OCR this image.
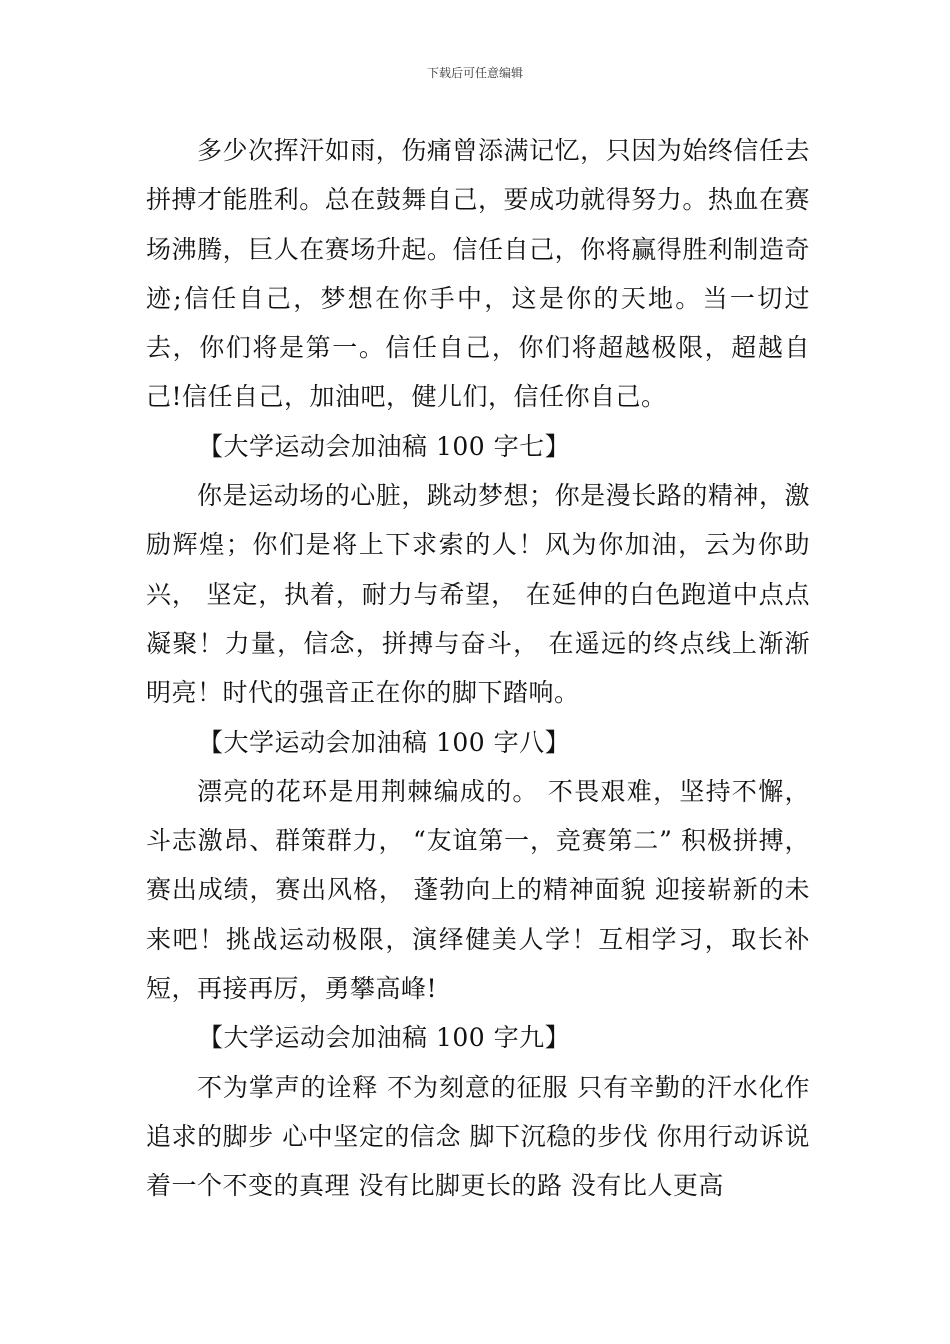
下载后可任意编辑

多少次挥汗如雨，伤痛曾添满记忆，只因为始终信任去拼搏才能胜利。总在鼓舞自己，要成功就得努力。热血在赛场沸腾，巨人在赛场升起。信任自己，你将赢得胜利制造奇迹;信任自己，梦想在你手中，这是你的天地。当一切过去，你们将是第一。信任自己，你们将超越极限，超越自己!信任自己，加油吧，健儿们，信任你自己。

【大学运动会加油稿 100 字七】

你是运动场的心脏，跳动梦想；你是漫长路的精神，激励辉煌；你们是将上下求索的人！风为你加油，云为你助兴， 坚定，执着，耐力与希望， 在延伸的白色跑道中点点凝聚！力量，信念，拼搏与奋斗， 在遥远的终点线上渐渐明亮！时代的强音正在你的脚下踏响。

【大学运动会加油稿 100 字八】

漂亮的花环是用荆棘编成的。 不畏艰难，坚持不懈，斗志激昂、群策群力， “友谊第一，竞赛第二” 积极拼搏，赛出成绩，赛出风格， 蓬勃向上的精神面貌 迎接崭新的未来吧！挑战运动极限，演绎健美人学！互相学习，取长补短，再接再厉，勇攀高峰!

【大学运动会加油稿 100 字九】

不为掌声的诠释 不为刻意的征服 只有辛勤的汗水化作追求的脚步 心中坚定的信念 脚下沉稳的步伐 你用行动诉说着一个不变的真理 没有比脚更长的路 没有比人更高
